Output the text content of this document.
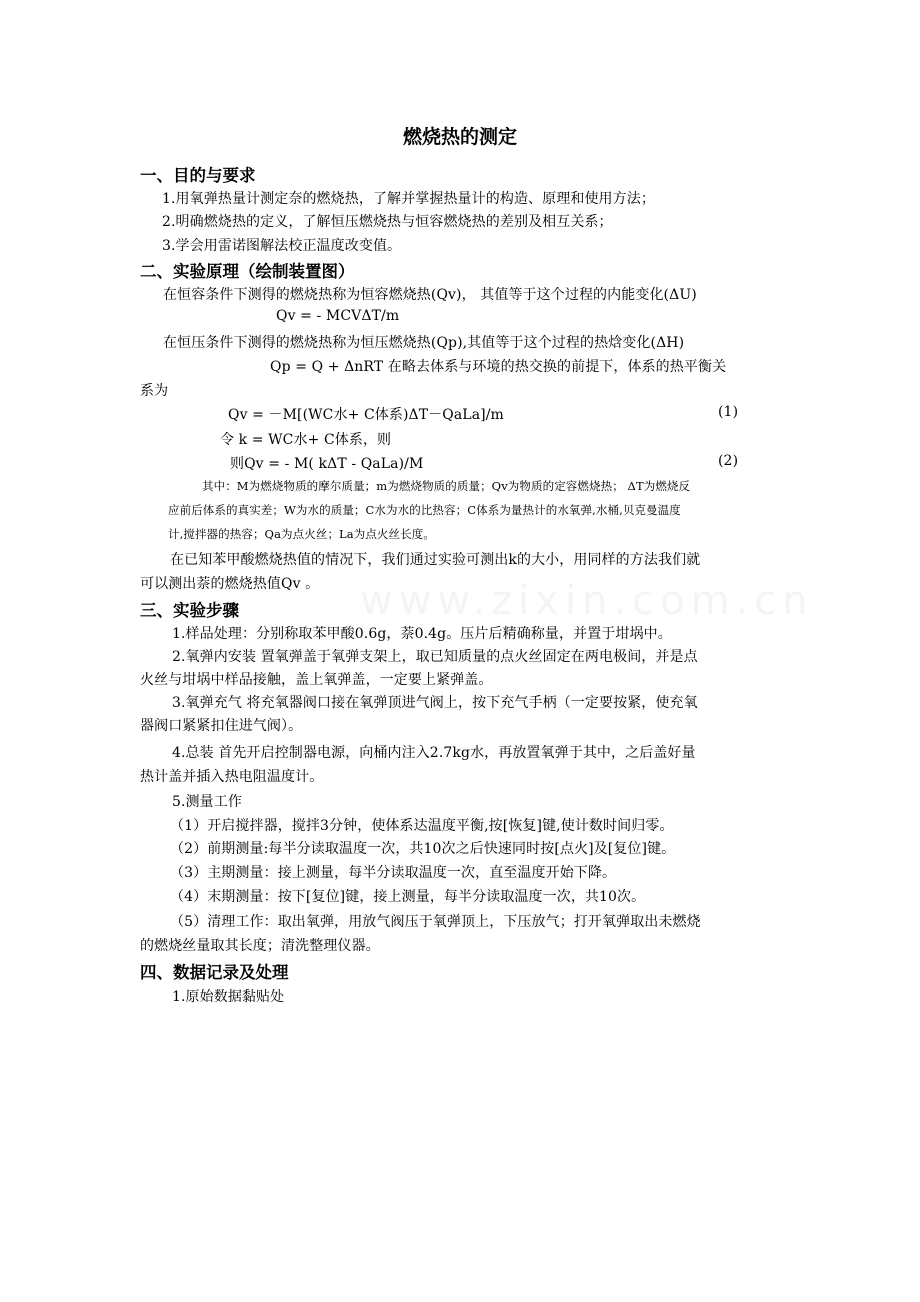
燃烧热的测定
一、目的与要求
1.用氧弹热量计测定奈的燃烧热，了解并掌握热量计的构造、原理和使用方法；
2.明确燃烧热的定义，了解恒压燃烧热与恒容燃烧热的差别及相互关系；
3.学会用雷诺图解法校正温度改变值。
二、实验原理（绘制装置图）
在恒容条件下测得的燃烧热称为恒容燃烧热(Qv)， 其值等于这个过程的内能变化(ΔU)
Qv = - MCVΔT/m
在恒压条件下测得的燃烧热称为恒压燃烧热(Qp),其值等于这个过程的热焓变化(ΔH)
Qp = Q + ΔnRT 在略去体系与环境的热交换的前提下，体系的热平衡关
系为
Qv = －M[(WC水+ C体系)ΔT－QaLa]/m	(1)
令 k = WC水+ C体系，则
则Qv = - M( kΔT - QaLa)/M	(2)
其中：M为燃烧物质的摩尔质量；m为燃烧物质的质量；Qv为物质的定容燃烧热； ΔT为燃烧反
应前后体系的真实差；W为水的质量；C水为水的比热容；C体系为量热计的水氧弹,水桶,贝克曼温度
计,搅拌器的热容；Qa为点火丝；La为点火丝长度。
在已知苯甲酸燃烧热值的情况下，我们通过实验可测出k的大小，用同样的方法我们就
可以测出萘的燃烧热值Qv 。
三、实验步骤
1.样品处理：分别称取苯甲酸0.6g，萘0.4g。压片后精确称量，并置于坩埚中。
2.氧弹内安装 置氧弹盖于氧弹支架上，取已知质量的点火丝固定在两电极间，并是点
火丝与坩埚中样品接触，盖上氧弹盖，一定要上紧弹盖。
3.氧弹充气 将充氧器阀口接在氧弹顶进气阀上，按下充气手柄（一定要按紧，使充氧
器阀口紧紧扣住进气阀）。
4.总装 首先开启控制器电源，向桶内注入2.7kg水，再放置氧弹于其中，之后盖好量
热计盖并插入热电阻温度计。
5.测量工作
（1）开启搅拌器，搅拌3分钟，使体系达温度平衡,按[恢复]键,使计数时间归零。
（2）前期测量:每半分读取温度一次，共10次之后快速同时按[点火]及[复位]键。
（3）主期测量：接上测量，每半分读取温度一次，直至温度开始下降。
（4）末期测量：按下[复位]键，接上测量，每半分读取温度一次，共10次。
（5）清理工作：取出氧弹，用放气阀压于氧弹顶上，下压放气；打开氧弹取出未燃烧
的燃烧丝量取其长度；清洗整理仪器。
四、数据记录及处理
1.原始数据黏贴处
